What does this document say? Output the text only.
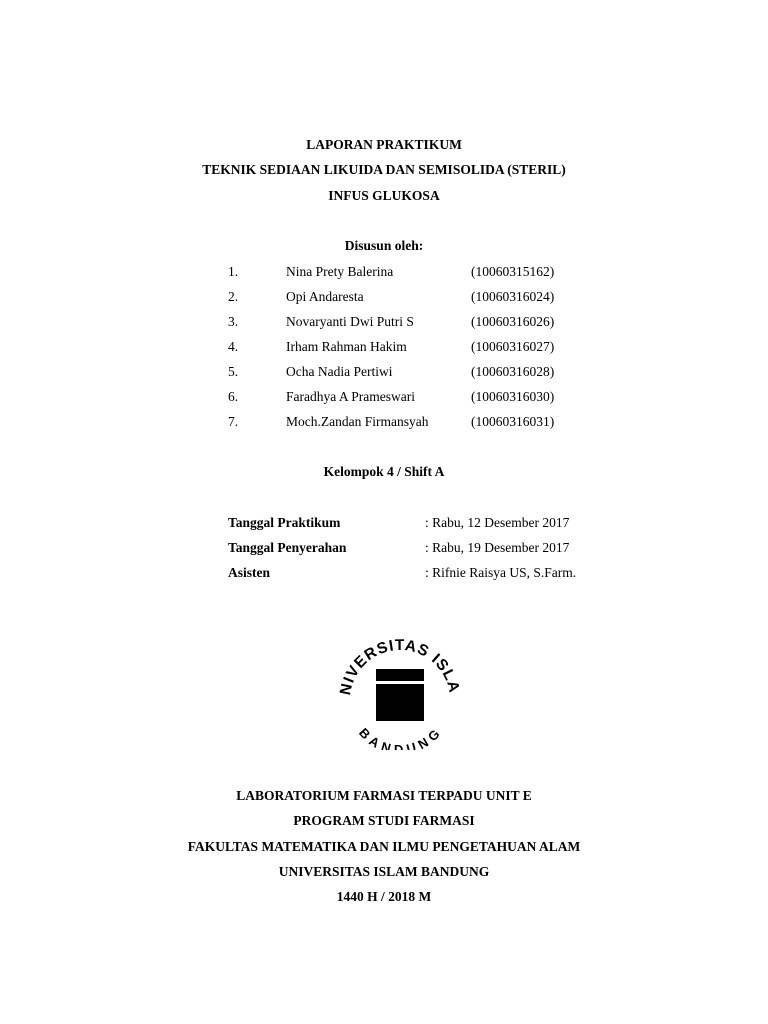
LAPORAN PRAKTIKUM
TEKNIK SEDIAAN LIKUIDA DAN SEMISOLIDA (STERIL)
INFUS GLUKOSA
Disusun oleh:
1.	Nina Prety Balerina	(10060315162)
2.	Opi Andaresta	(10060316024)
3.	Novaryanti Dwi Putri S	(10060316026)
4.	Irham Rahman Hakim	(10060316027)
5.	Ocha Nadia Pertiwi	(10060316028)
6.	Faradhya A Prameswari	(10060316030)
7.	Moch.Zandan Firmansyah	(10060316031)
Kelompok 4 / Shift A
Tanggal Praktikum	: Rabu, 12 Desember 2017
Tanggal Penyerahan	: Rabu, 19 Desember 2017
Asisten	: Rifnie Raisya US, S.Farm.
NIVERSITAS ISLA
BANDUNG
LABORATORIUM FARMASI TERPADU UNIT E
PROGRAM STUDI FARMASI
FAKULTAS MATEMATIKA DAN ILMU PENGETAHUAN ALAM
UNIVERSITAS ISLAM BANDUNG
1440 H / 2018 M
